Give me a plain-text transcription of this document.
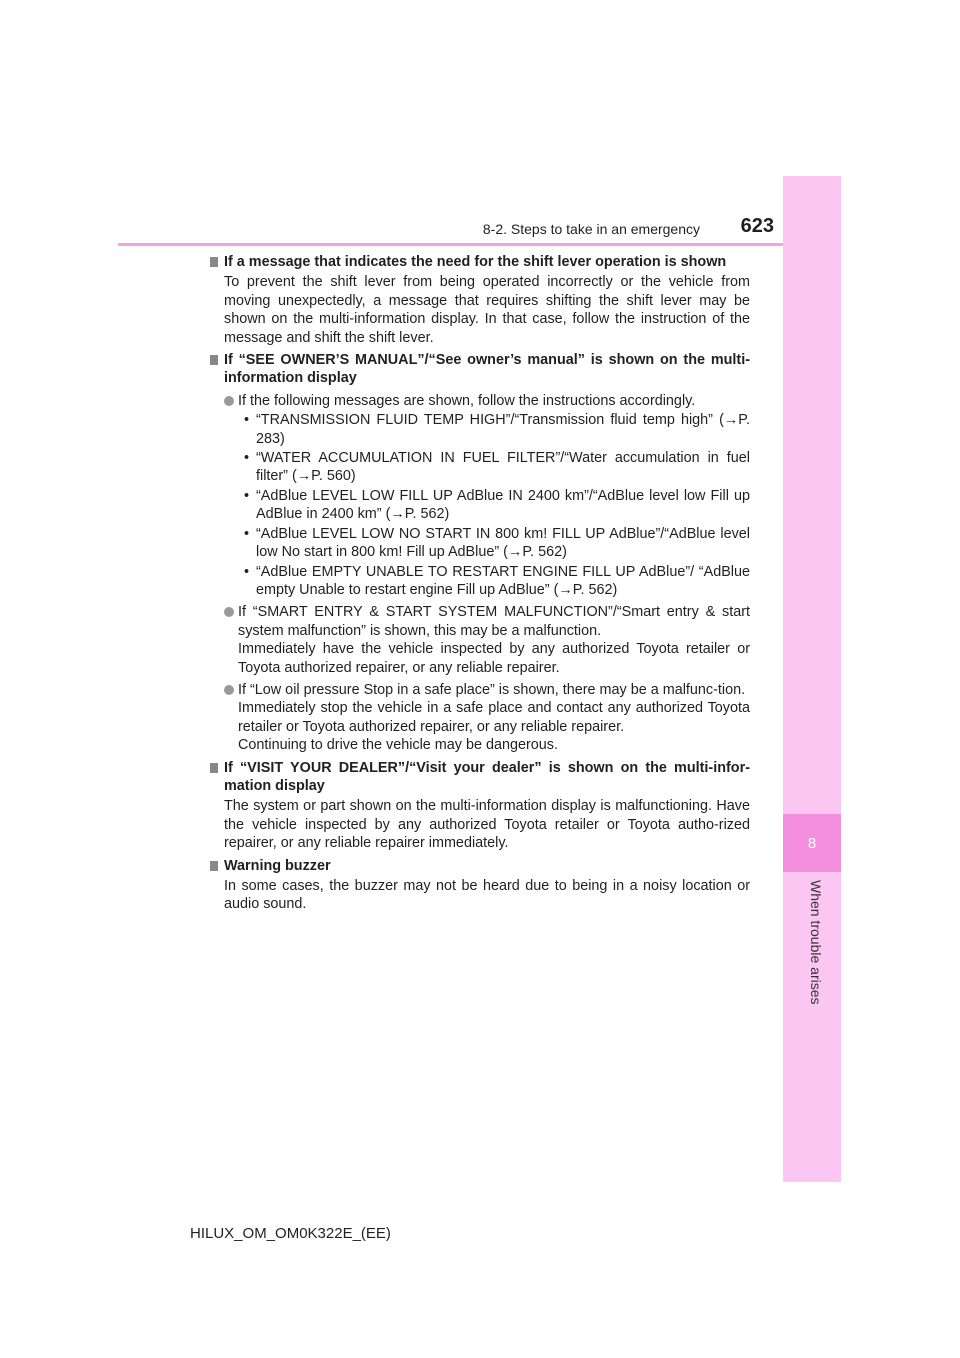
8
When trouble arises
8-2. Steps to take in an emergency	623
If a message that indicates the need for the shift lever operation is shown
To prevent the shift lever from being operated incorrectly or the vehicle from moving unexpectedly, a message that requires shifting the shift lever may be shown on the multi-information display. In that case, follow the instruction of the message and shift the shift lever.
If “SEE OWNER’S MANUAL”/“See owner’s manual” is shown on the multi-information display
If the following messages are shown, follow the instructions accordingly.
• “TRANSMISSION FLUID TEMP HIGH”/“Transmission fluid temp high” (→P. 283)
• “WATER ACCUMULATION IN FUEL FILTER”/“Water accumulation in fuel filter” (→P. 560)
• “AdBlue LEVEL LOW FILL UP AdBlue IN 2400 km”/“AdBlue level low Fill up AdBlue in 2400 km” (→P. 562)
• “AdBlue LEVEL LOW NO START IN 800 km! FILL UP AdBlue”/“AdBlue level low No start in 800 km! Fill up AdBlue” (→P. 562)
• “AdBlue EMPTY UNABLE TO RESTART ENGINE FILL UP AdBlue”/ “AdBlue empty Unable to restart engine Fill up AdBlue” (→P. 562)
If “SMART ENTRY & START SYSTEM MALFUNCTION”/“Smart entry & start system malfunction” is shown, this may be a malfunction.
Immediately have the vehicle inspected by any authorized Toyota retailer or Toyota authorized repairer, or any reliable repairer.
If “Low oil pressure Stop in a safe place” is shown, there may be a malfunc-tion.
Immediately stop the vehicle in a safe place and contact any authorized Toyota retailer or Toyota authorized repairer, or any reliable repairer.
Continuing to drive the vehicle may be dangerous.
If “VISIT YOUR DEALER”/“Visit your dealer” is shown on the multi-infor-mation display
The system or part shown on the multi-information display is malfunctioning. Have the vehicle inspected by any authorized Toyota retailer or Toyota autho-rized repairer, or any reliable repairer immediately.
Warning buzzer
In some cases, the buzzer may not be heard due to being in a noisy location or audio sound.
HILUX_OM_OM0K322E_(EE)
